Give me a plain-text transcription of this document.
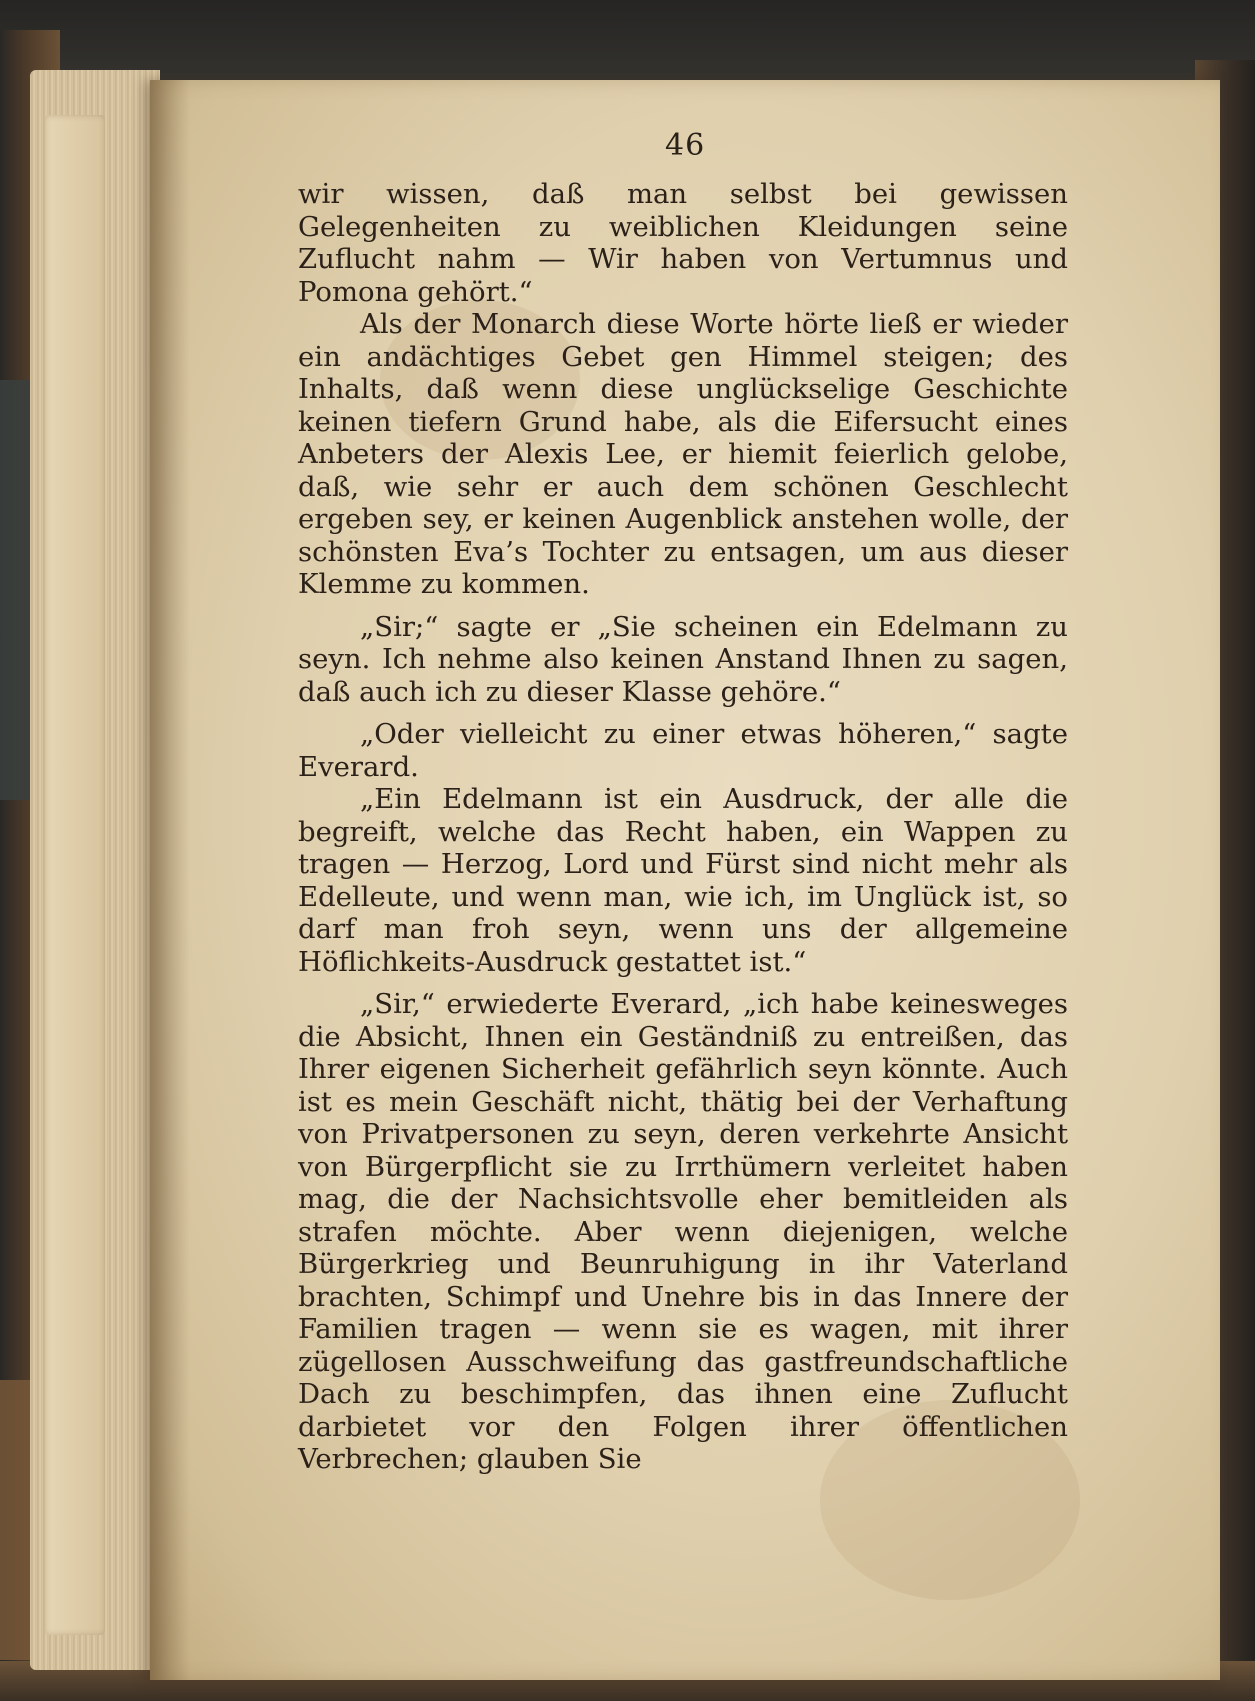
46

wir wissen, daß man selbst bei gewissen Gelegenheiten zu weiblichen Kleidungen seine Zuflucht nahm — Wir haben von Vertumnus und Pomona gehört.“

Als der Monarch diese Worte hörte ließ er wieder ein andächtiges Gebet gen Himmel steigen; des Inhalts, daß wenn diese unglückselige Geschichte keinen tiefern Grund habe, als die Eifersucht eines Anbeters der Alexis Lee, er hiemit feierlich gelobe, daß, wie sehr er auch dem schönen Geschlecht ergeben sey, er keinen Augenblick anstehen wolle, der schönsten Eva’s Tochter zu entsagen, um aus dieser Klemme zu kommen.

„Sir;“ sagte er „Sie scheinen ein Edelmann zu seyn. Ich nehme also keinen Anstand Ihnen zu sagen, daß auch ich zu dieser Klasse gehöre.“

„Oder vielleicht zu einer etwas höheren,“ sagte Everard.

„Ein Edelmann ist ein Ausdruck, der alle die begreift, welche das Recht haben, ein Wappen zu tragen — Herzog, Lord und Fürst sind nicht mehr als Edelleute, und wenn man, wie ich, im Unglück ist, so darf man froh seyn, wenn uns der allgemeine Höflichkeits-Ausdruck gestattet ist.“

„Sir,“ erwiederte Everard, „ich habe keinesweges die Absicht, Ihnen ein Geständniß zu entreißen, das Ihrer eigenen Sicherheit gefährlich seyn könnte. Auch ist es mein Geschäft nicht, thätig bei der Verhaftung von Privatpersonen zu seyn, deren verkehrte Ansicht von Bürgerpflicht sie zu Irrthümern verleitet haben mag, die der Nachsichtsvolle eher bemitleiden als strafen möchte. Aber wenn diejenigen, welche Bürgerkrieg und Beunruhigung in ihr Vaterland brachten, Schimpf und Unehre bis in das Innere der Familien tragen — wenn sie es wagen, mit ihrer zügellosen Ausschweifung das gastfreundschaftliche Dach zu beschimpfen, das ihnen eine Zuflucht darbietet vor den Folgen ihrer öffentlichen Verbrechen; glauben Sie
